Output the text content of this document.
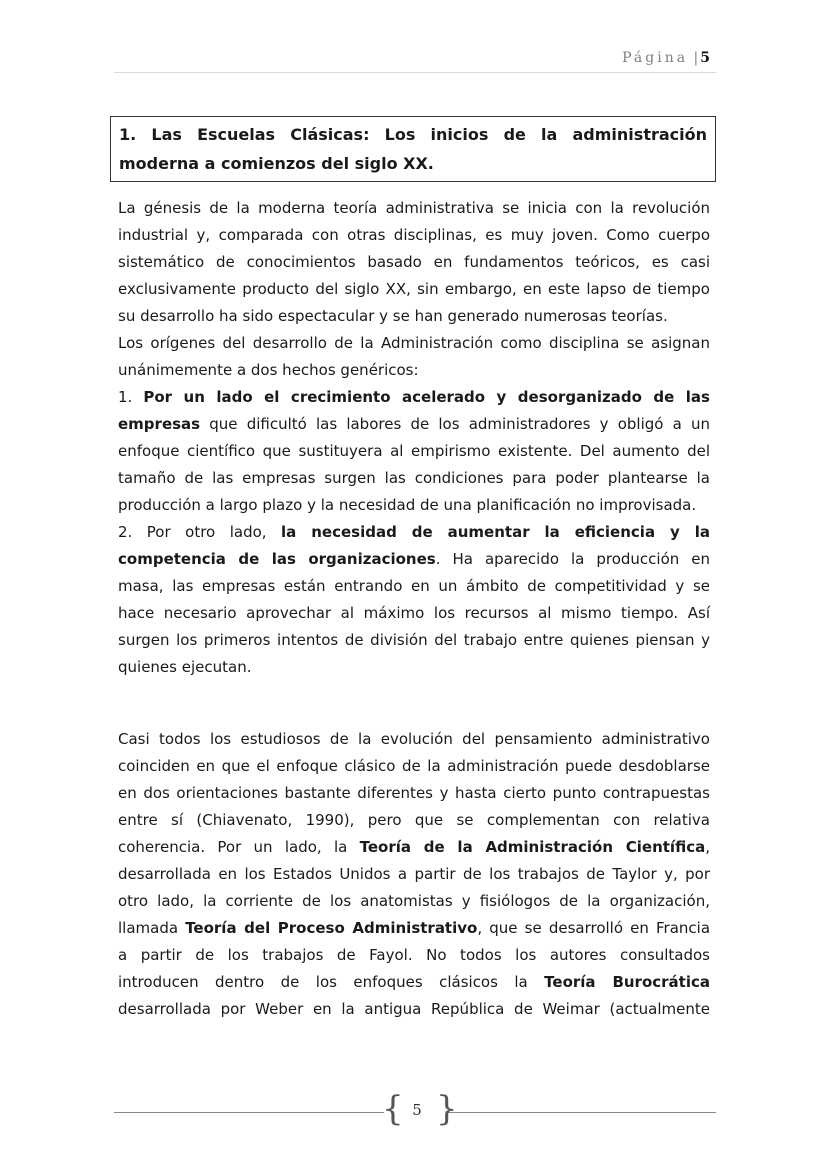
Página | 5
1. Las Escuelas Clásicas: Los inicios de la administración
moderna a comienzos del siglo XX.
La génesis de la moderna teoría administrativa se inicia con la revolución
industrial y, comparada con otras disciplinas, es muy joven. Como cuerpo
sistemático de conocimientos basado en fundamentos teóricos, es casi
exclusivamente producto del siglo XX, sin embargo, en este lapso de tiempo
su desarrollo ha sido espectacular y se han generado numerosas teorías.
Los orígenes del desarrollo de la Administración como disciplina se asignan
unánimemente a dos hechos genéricos:
1. Por un lado el crecimiento acelerado y desorganizado de las
empresas que dificultó las labores de los administradores y obligó a un
enfoque científico que sustituyera al empirismo existente. Del aumento del
tamaño de las empresas surgen las condiciones para poder plantearse la
producción a largo plazo y la necesidad de una planificación no improvisada.
2. Por otro lado, la necesidad de aumentar la eficiencia y la
competencia de las organizaciones. Ha aparecido la producción en
masa, las empresas están entrando en un ámbito de competitividad y se
hace necesario aprovechar al máximo los recursos al mismo tiempo. Así
surgen los primeros intentos de división del trabajo entre quienes piensan y
quienes ejecutan.
Casi todos los estudiosos de la evolución del pensamiento administrativo
coinciden en que el enfoque clásico de la administración puede desdoblarse
en dos orientaciones bastante diferentes y hasta cierto punto contrapuestas
entre sí (Chiavenato, 1990), pero que se complementan con relativa
coherencia. Por un lado, la Teoría de la Administración Científica,
desarrollada en los Estados Unidos a partir de los trabajos de Taylor y, por
otro lado, la corriente de los anatomistas y fisiólogos de la organización,
llamada Teoría del Proceso Administrativo, que se desarrolló en Francia
a partir de los trabajos de Fayol. No todos los autores consultados
introducen dentro de los enfoques clásicos la Teoría Burocrática
desarrollada por Weber en la antigua República de Weimar (actualmente
{ 5 }
